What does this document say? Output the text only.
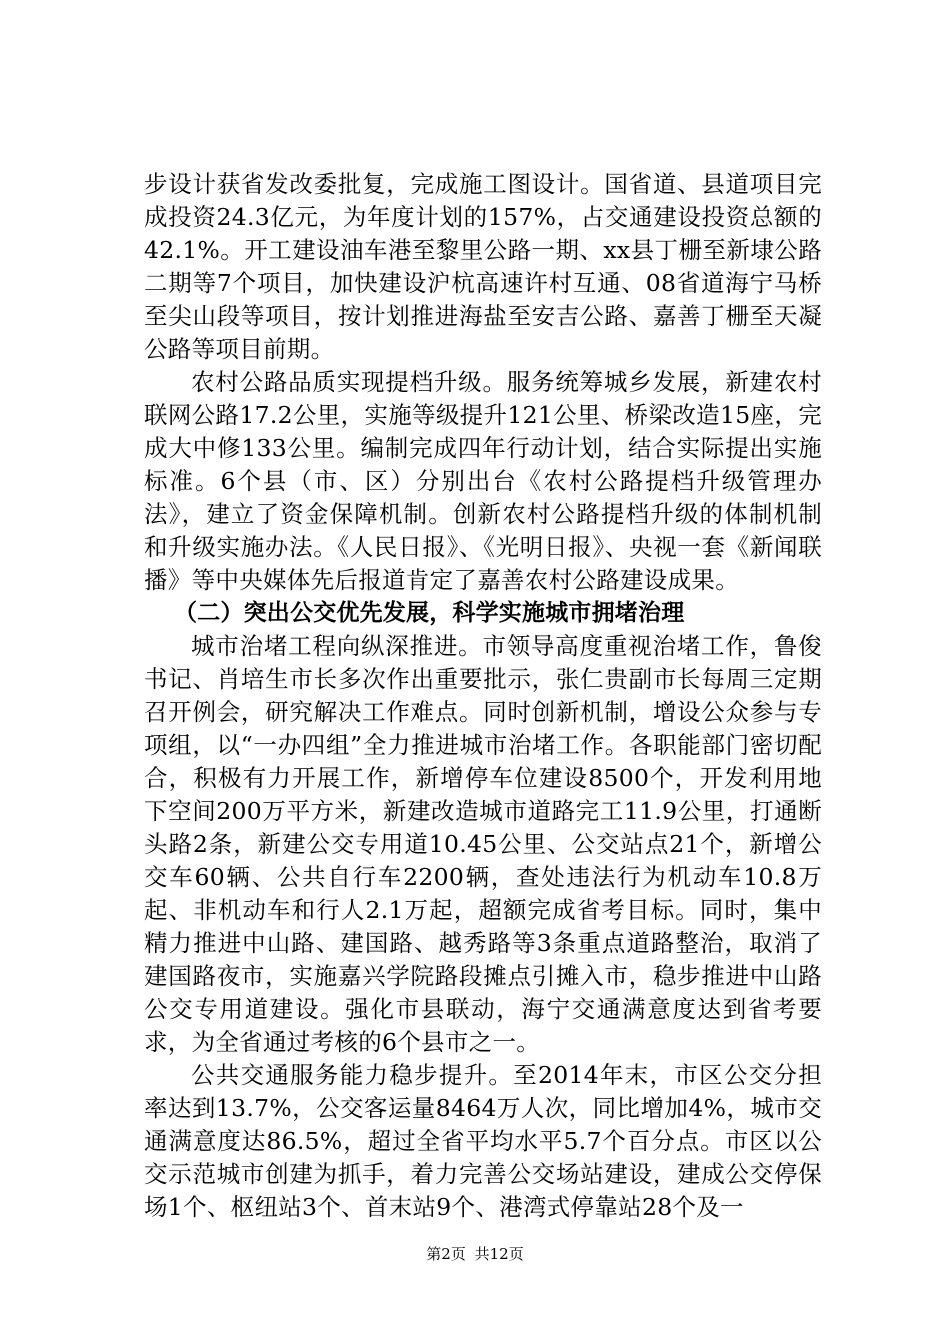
步设计获省发改委批复，完成施工图设计。国省道、县道项目完成投资24.3亿元，为年度计划的157%，占交通建设投资总额的42.1%。开工建设油车港至黎里公路一期、xx县丁栅至新埭公路二期等7个项目，加快建设沪杭高速许村互通、08省道海宁马桥至尖山段等项目，按计划推进海盐至安吉公路、嘉善丁栅至天凝公路等项目前期。

农村公路品质实现提档升级。服务统筹城乡发展，新建农村联网公路17.2公里，实施等级提升121公里、桥梁改造15座，完成大中修133公里。编制完成四年行动计划，结合实际提出实施标准。6个县（市、区）分别出台《农村公路提档升级管理办法》，建立了资金保障机制。创新农村公路提档升级的体制机制和升级实施办法。《人民日报》、《光明日报》、央视一套《新闻联播》等中央媒体先后报道肯定了嘉善农村公路建设成果。

（二）突出公交优先发展，科学实施城市拥堵治理

城市治堵工程向纵深推进。市领导高度重视治堵工作，鲁俊书记、肖培生市长多次作出重要批示，张仁贵副市长每周三定期召开例会，研究解决工作难点。同时创新机制，增设公众参与专项组，以“一办四组”全力推进城市治堵工作。各职能部门密切配合，积极有力开展工作，新增停车位建设8500个，开发利用地下空间200万平方米，新建改造城市道路完工11.9公里，打通断头路2条，新建公交专用道10.45公里、公交站点21个，新增公交车60辆、公共自行车2200辆，查处违法行为机动车10.8万起、非机动车和行人2.1万起，超额完成省考目标。同时，集中精力推进中山路、建国路、越秀路等3条重点道路整治，取消了建国路夜市，实施嘉兴学院路段摊点引摊入市，稳步推进中山路公交专用道建设。强化市县联动，海宁交通满意度达到省考要求，为全省通过考核的6个县市之一。

公共交通服务能力稳步提升。至2014年末，市区公交分担率达到13.7%，公交客运量8464万人次，同比增加4%，城市交通满意度达86.5%，超过全省平均水平5.7个百分点。市区以公交示范城市创建为抓手，着力完善公交场站建设，建成公交停保场1个、枢纽站3个、首末站9个、港湾式停靠站28个及一

第2页 共12页
